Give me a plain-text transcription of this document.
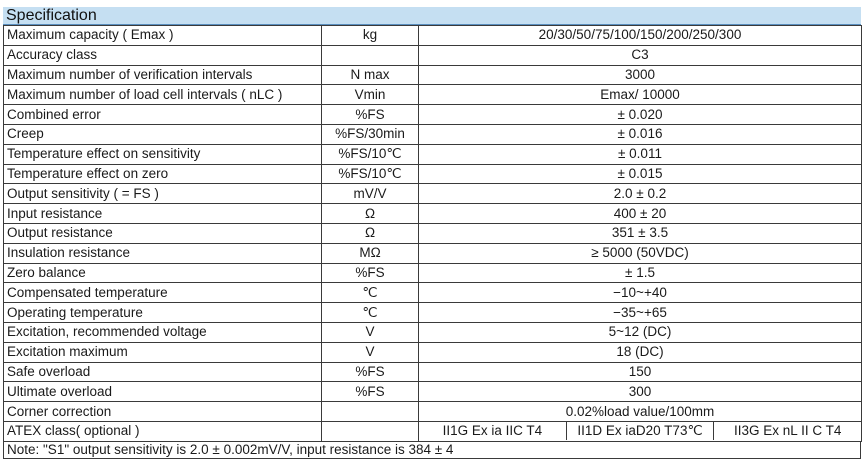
Specification
Maximum capacity ( Emax )	kg	20/30/50/75/100/150/200/250/300
Accuracy class		C3
Maximum number of verification intervals	N max	3000
Maximum number of load cell intervals ( nLC )	Vmin	Emax/ 10000
Combined error	%FS	± 0.020
Creep	%FS/30min	± 0.016
Temperature effect on sensitivity	%FS/10℃	± 0.011
Temperature effect on zero	%FS/10℃	± 0.015
Output sensitivity ( = FS )	mV/V	2.0 ± 0.2
Input resistance	Ω	400 ± 20
Output resistance	Ω	351 ± 3.5
Insulation resistance	MΩ	≥ 5000 (50VDC)
Zero balance	%FS	± 1.5
Compensated temperature	℃	−10~+40
Operating temperature	℃	−35~+65
Excitation, recommended voltage	V	5~12 (DC)
Excitation maximum	V	18 (DC)
Safe overload	%FS	150
Ultimate overload	%FS	300
Corner correction		0.02%load value/100mm
ATEX class( optional )		II1G Ex ia IIC T4 II1D Ex iaD20 T73℃ II3G Ex nL II C T4
Note: "S1" output sensitivity is 2.0 ± 0.002mV/V, input resistance is 384 ± 4
